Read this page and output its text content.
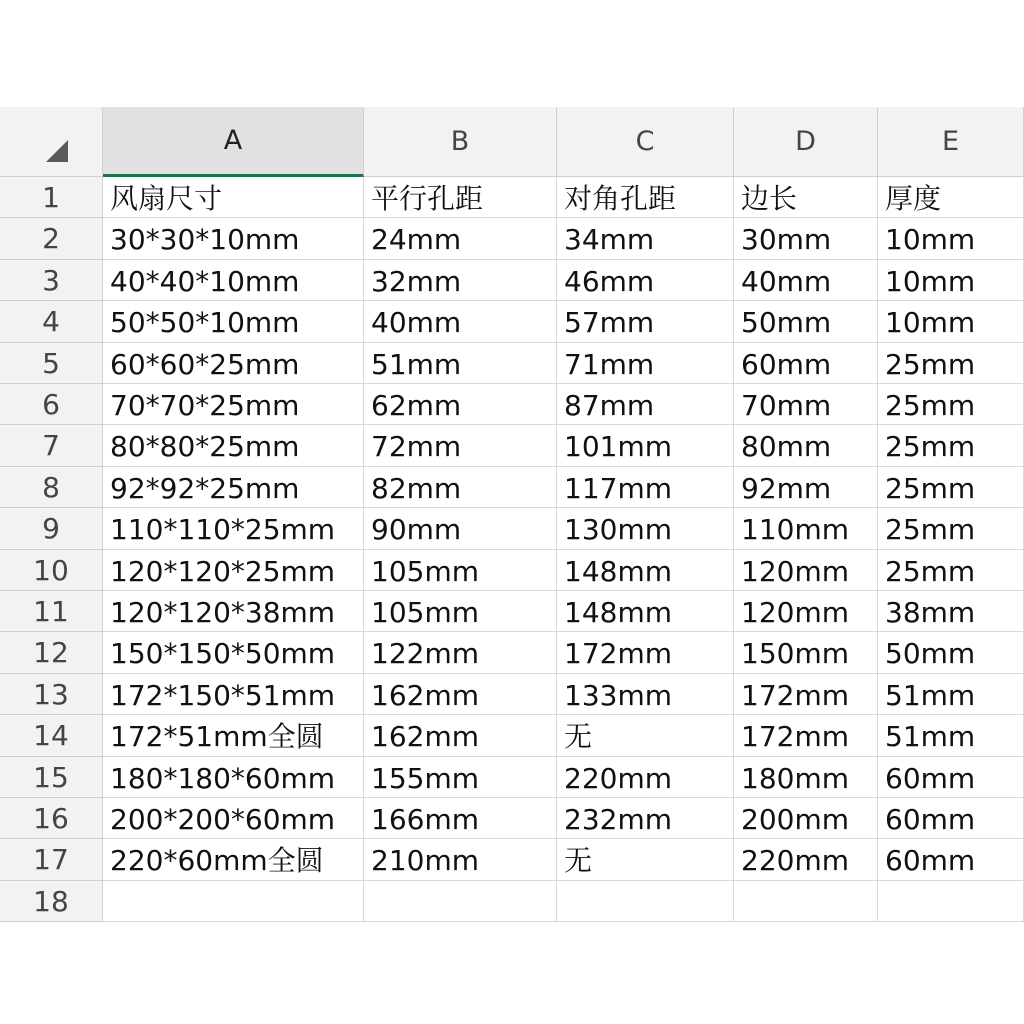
A	B	C	D	E
1	风扇尺寸	平行孔距	对角孔距	边长	厚度
2	30*30*10mm	24mm	34mm	30mm	10mm
3	40*40*10mm	32mm	46mm	40mm	10mm
4	50*50*10mm	40mm	57mm	50mm	10mm
5	60*60*25mm	51mm	71mm	60mm	25mm
6	70*70*25mm	62mm	87mm	70mm	25mm
7	80*80*25mm	72mm	101mm	80mm	25mm
8	92*92*25mm	82mm	117mm	92mm	25mm
9	110*110*25mm	90mm	130mm	110mm	25mm
10	120*120*25mm	105mm	148mm	120mm	25mm
11	120*120*38mm	105mm	148mm	120mm	38mm
12	150*150*50mm	122mm	172mm	150mm	50mm
13	172*150*51mm	162mm	133mm	172mm	51mm
14	172*51mm全圆	162mm	无	172mm	51mm
15	180*180*60mm	155mm	220mm	180mm	60mm
16	200*200*60mm	166mm	232mm	200mm	60mm
17	220*60mm全圆	210mm	无	220mm	60mm
18
